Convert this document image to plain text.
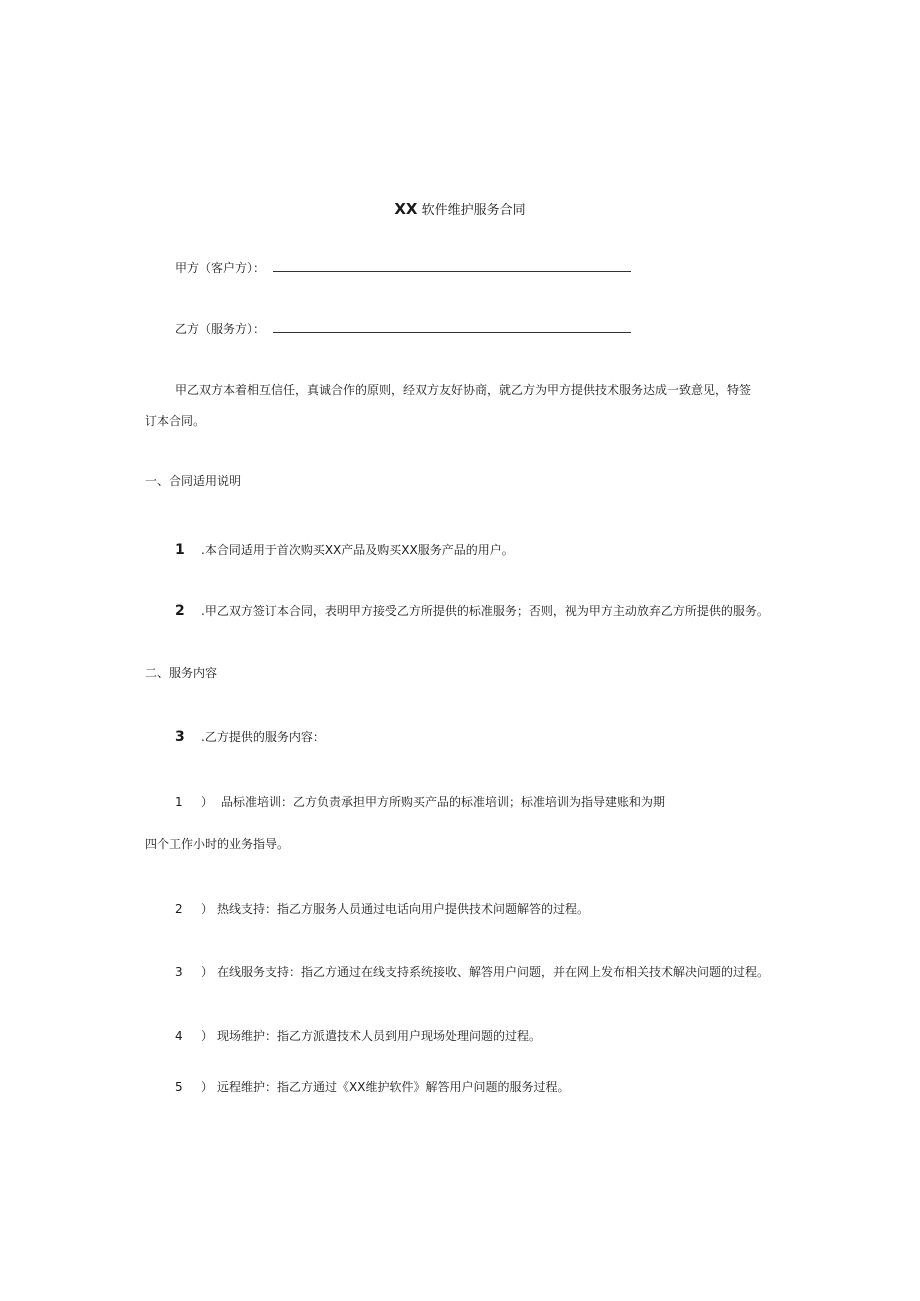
XX 软件维护服务合同
甲方（客户方）：
乙方（服务方）：
甲乙双方本着相互信任，真诚合作的原则，经双方友好协商，就乙方为甲方提供技术服务达成一致意见，特签
订本合同。
一、合同适用说明
1 .本合同适用于首次购买XX产品及购买XX服务产品的用户。
2 .甲乙双方签订本合同，表明甲方接受乙方所提供的标准服务；否则，视为甲方主动放弃乙方所提供的服务。
二、服务内容
3 .乙方提供的服务内容：
1 ） 品标准培训：乙方负责承担甲方所购买产品的标准培训；标准培训为指导建账和为期
四个工作小时的业务指导。
2 ） 热线支持：指乙方服务人员通过电话向用户提供技术问题解答的过程。
3 ） 在线服务支持：指乙方通过在线支持系统接收、解答用户问题，并在网上发布相关技术解决问题的过程。
4 ） 现场维护：指乙方派遣技术人员到用户现场处理问题的过程。
5 ） 远程维护：指乙方通过《XX维护软件》解答用户问题的服务过程。
